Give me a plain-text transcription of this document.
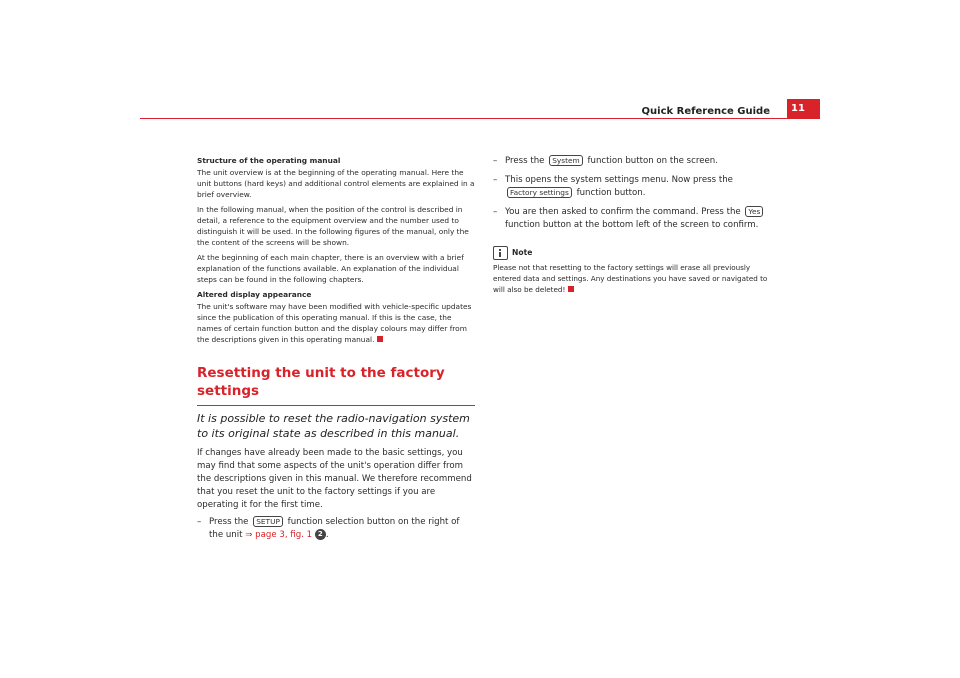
Quick Reference Guide	11

Structure of the operating manual

The unit overview is at the beginning of the operating manual. Here the unit buttons (hard keys) and additional control elements are explained in a brief overview.

In the following manual, when the position of the control is described in detail, a reference to the equipment overview and the number used to distinguish it will be used. In the following figures of the manual, only the the content of the screens will be shown.

At the beginning of each main chapter, there is an overview with a brief explanation of the functions available. An explanation of the individual steps can be found in the following chapters.

Altered display appearance

The unit's software may have been modified with vehicle-specific updates since the publication of this operating manual. If this is the case, the names of certain function button and the display colours may differ from the descriptions given in this operating manual.

Resetting the unit to the factory settings
It is possible to reset the radio-navigation system to its original state as described in this manual.

If changes have already been made to the basic settings, you may find that some aspects of the unit's operation differ from the descriptions given in this manual. We therefore recommend that you reset the unit to the factory settings if you are operating it for the first time.

– Press the SETUP function selection button on the right of the unit ⇒ page 3, fig. 1 2 .
– Press the System function button on the screen.
– This opens the system settings menu. Now press the Factory settings function button.
– You are then asked to confirm the command. Press the Yes function button at the bottom left of the screen to confirm.
Note

Please not that resetting to the factory settings will erase all previously entered data and settings. Any destinations you have saved or navigated to will also be deleted!
